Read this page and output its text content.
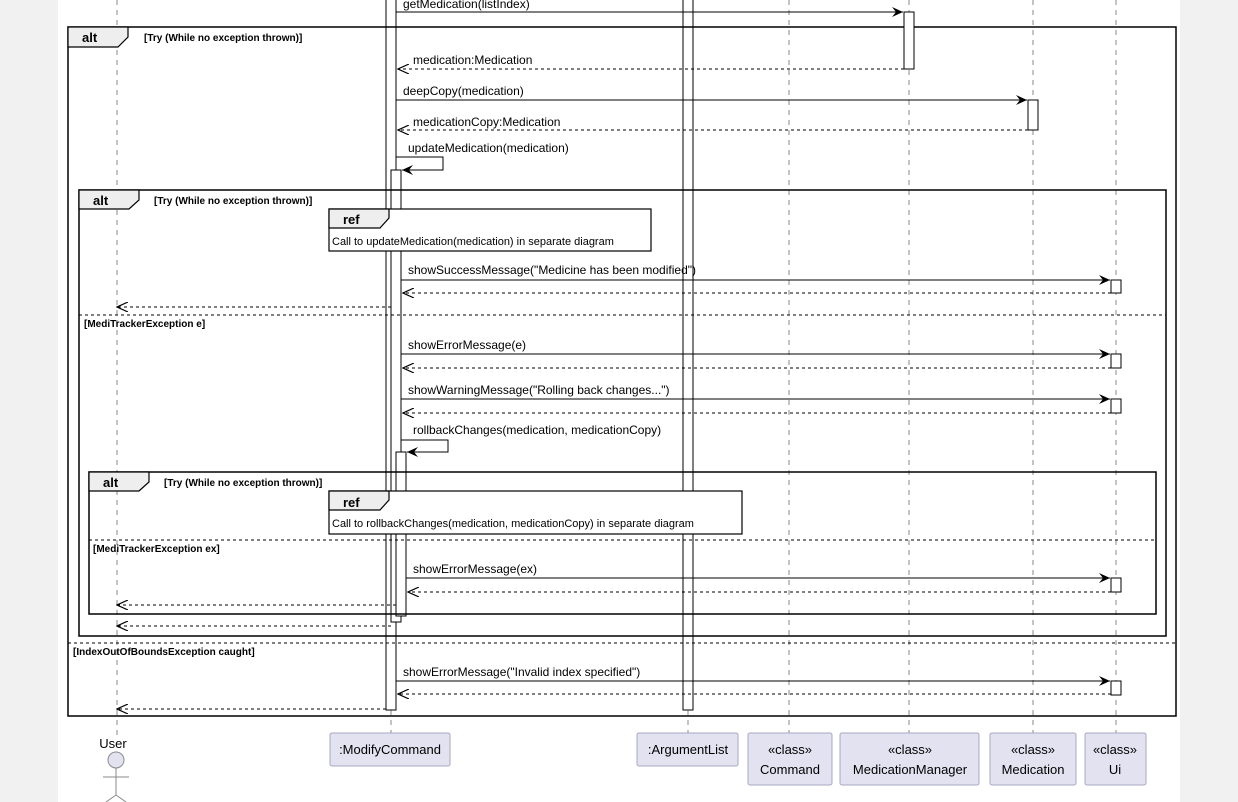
alt	[Try (While no exception thrown)]
[IndexOutOfBoundsException caught]
getMedication(listIndex)
medication:Medication
deepCopy(medication)
medicationCopy:Medication
updateMedication(medication)
alt	[Try (While no exception thrown)]
ref
Call to updateMedication(medication) in separate diagram
showSuccessMessage("Medicine has been modified")
[MediTrackerException e]
showErrorMessage(e)
showWarningMessage("Rolling back changes...")
rollbackChanges(medication, medicationCopy)
alt	[Try (While no exception thrown)]
ref
Call to rollbackChanges(medication, medicationCopy) in separate diagram
[MediTrackerException ex]
showErrorMessage(ex)
showErrorMessage("Invalid index specified")
User	:ModifyCommand	:ArgumentList	«class»
Command
«class»
MedicationManager
«class»
Medication
«class»
Ui
